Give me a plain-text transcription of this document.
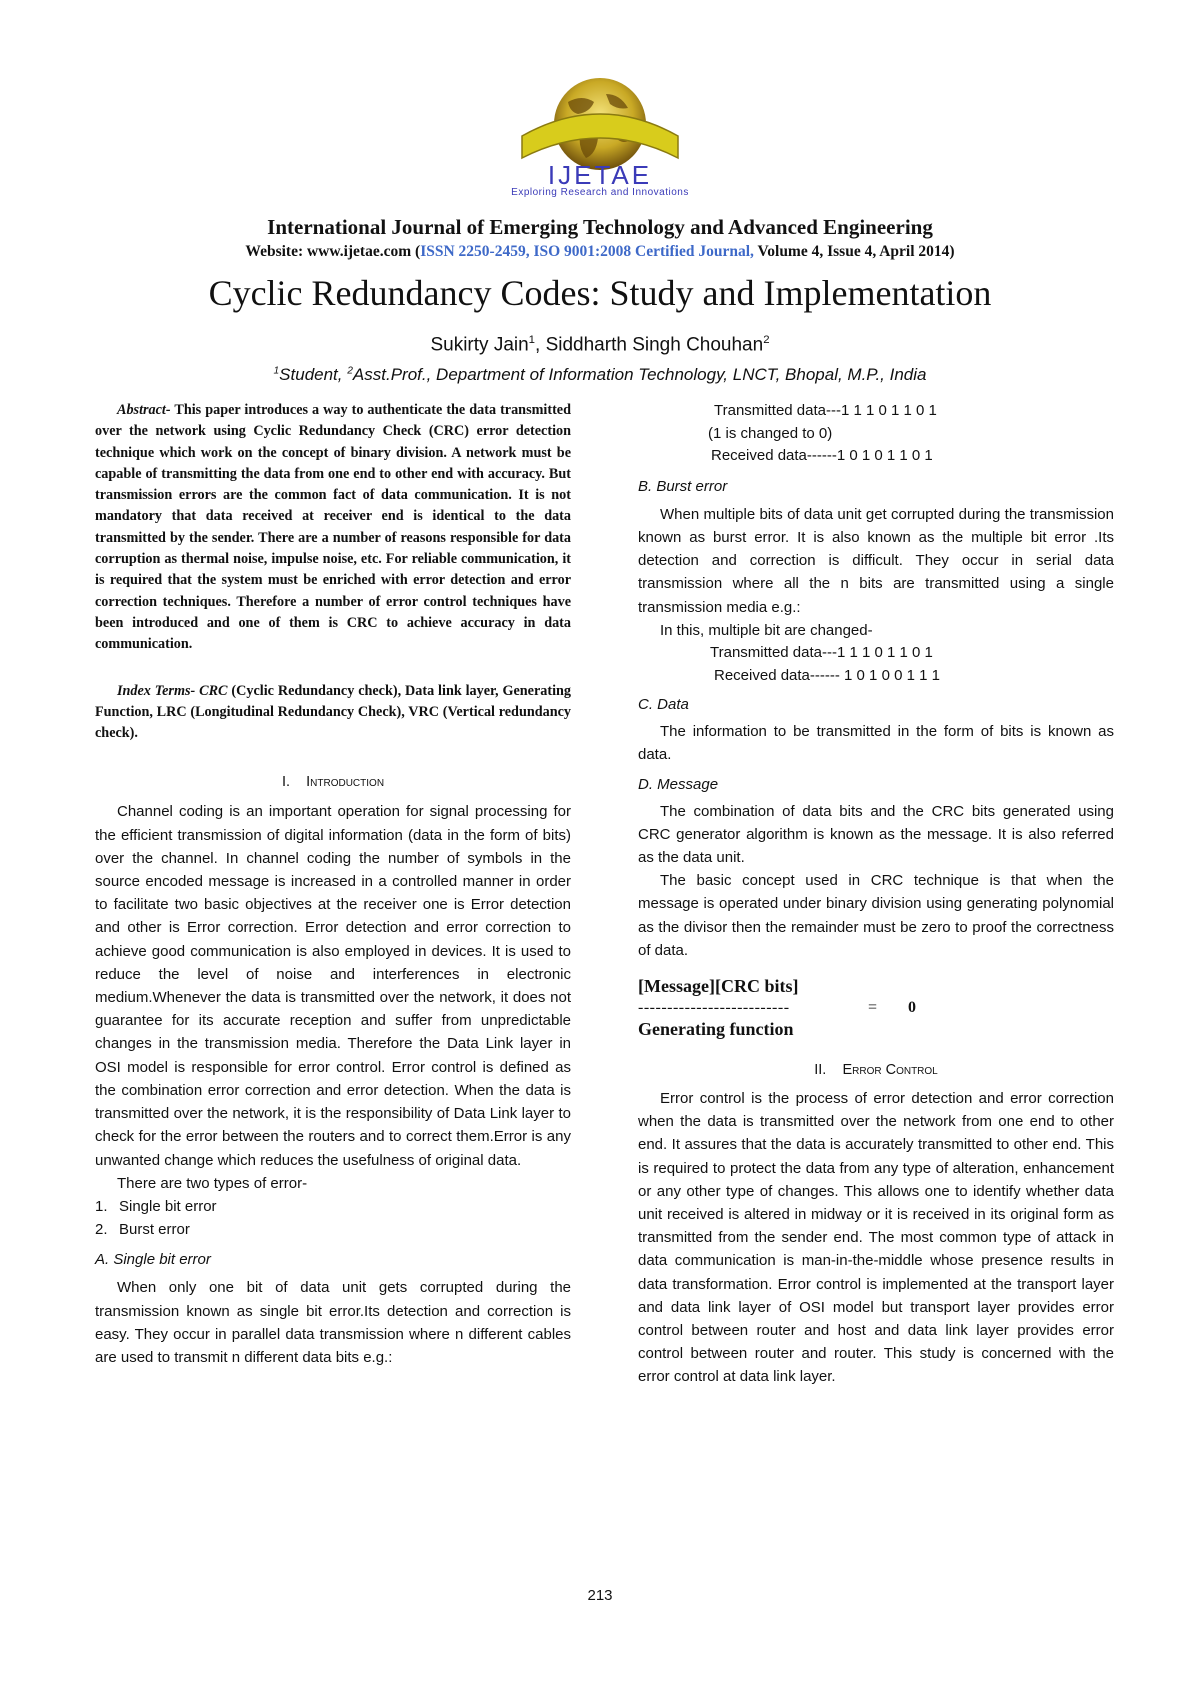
IJETAE
Exploring Research and Innovations
International Journal of Emerging Technology and Advanced Engineering
Website: www.ijetae.com (ISSN 2250-2459, ISO 9001:2008 Certified Journal, Volume 4, Issue 4, April 2014)
Cyclic Redundancy Codes: Study and Implementation
Sukirty Jain$^1$, Siddharth Singh Chouhan$^2$
$^1$Student, $^2$Asst.Prof., Department of Information Technology, LNCT, Bhopal, M.P., India

Abstract- This paper introduces a way to authenticate the data transmitted over the network using Cyclic Redundancy Check (CRC) error detection technique which work on the concept of binary division. A network must be capable of transmitting the data from one end to other end with accuracy. But transmission errors are the common fact of data communication. It is not mandatory that data received at receiver end is identical to the data transmitted by the sender. There are a number of reasons responsible for data corruption as thermal noise, impulse noise, etc. For reliable communication, it is required that the system must be enriched with error detection and error correction techniques. Therefore a number of error control techniques have been introduced and one of them is CRC to achieve accuracy in data communication.

Index Terms- CRC (Cyclic Redundancy check), Data link layer, Generating Function, LRC (Longitudinal Redundancy Check), VRC (Vertical redundancy check).

I. Introduction

Channel coding is an important operation for signal processing for the efficient transmission of digital information (data in the form of bits) over the channel. In channel coding the number of symbols in the source encoded message is increased in a controlled manner in order to facilitate two basic objectives at the receiver one is Error detection and other is Error correction. Error detection and error correction to achieve good communication is also employed in devices. It is used to reduce the level of noise and interferences in electronic medium.Whenever the data is transmitted over the network, it does not guarantee for its accurate reception and suffer from unpredictable changes in the transmission media. Therefore the Data Link layer in OSI model is responsible for error control. Error control is defined as the combination error correction and error detection. When the data is transmitted over the network, it is the responsibility of Data Link layer to check for the error between the routers and to correct them.Error is any unwanted change which reduces the usefulness of original data.

There are two types of error-

1. Single bit error
2. Burst error

A. Single bit error

When only one bit of data unit gets corrupted during the transmission known as single bit error.Its detection and correction is easy. They occur in parallel data transmission where n different cables are used to transmit n different data bits e.g.:

Transmitted data---1 1 1 0 1 1 0 1
(1 is changed to 0)
Received data------1 0 1 0 1 1 0 1

B. Burst error

When multiple bits of data unit get corrupted during the transmission known as burst error. It is also known as the multiple bit error .Its detection and correction is difficult. They occur in serial data transmission where all the n bits are transmitted using a single transmission media e.g.:

In this, multiple bit are changed-

Transmitted data---1 1 1 0 1 1 0 1
Received data------ 1 0 1 0 0 1 1 1

C. Data

The information to be transmitted in the form of bits is known as data.

D. Message

The combination of data bits and the CRC bits generated using CRC generator algorithm is known as the message. It is also referred as the data unit.

The basic concept used in CRC technique is that when the message is operated under binary division using generating polynomial as the divisor then the remainder must be zero to proof the correctness of data.

[Message][CRC bits]

--------------------------	=	0

Generating function

II. Error Control

Error control is the process of error detection and error correction when the data is transmitted over the network from one end to other end. It assures that the data is accurately transmitted to other end. This is required to protect the data from any type of alteration, enhancement or any other type of changes. This allows one to identify whether data unit received is altered in midway or it is received in its original form as transmitted from the sender end. The most common type of attack in data communication is man-in-the-middle whose presence results in data transformation. Error control is implemented at the transport layer and data link layer of OSI model but transport layer provides error control between router and host and data link layer provides error control between router and router. This study is concerned with the error control at data link layer.

213
